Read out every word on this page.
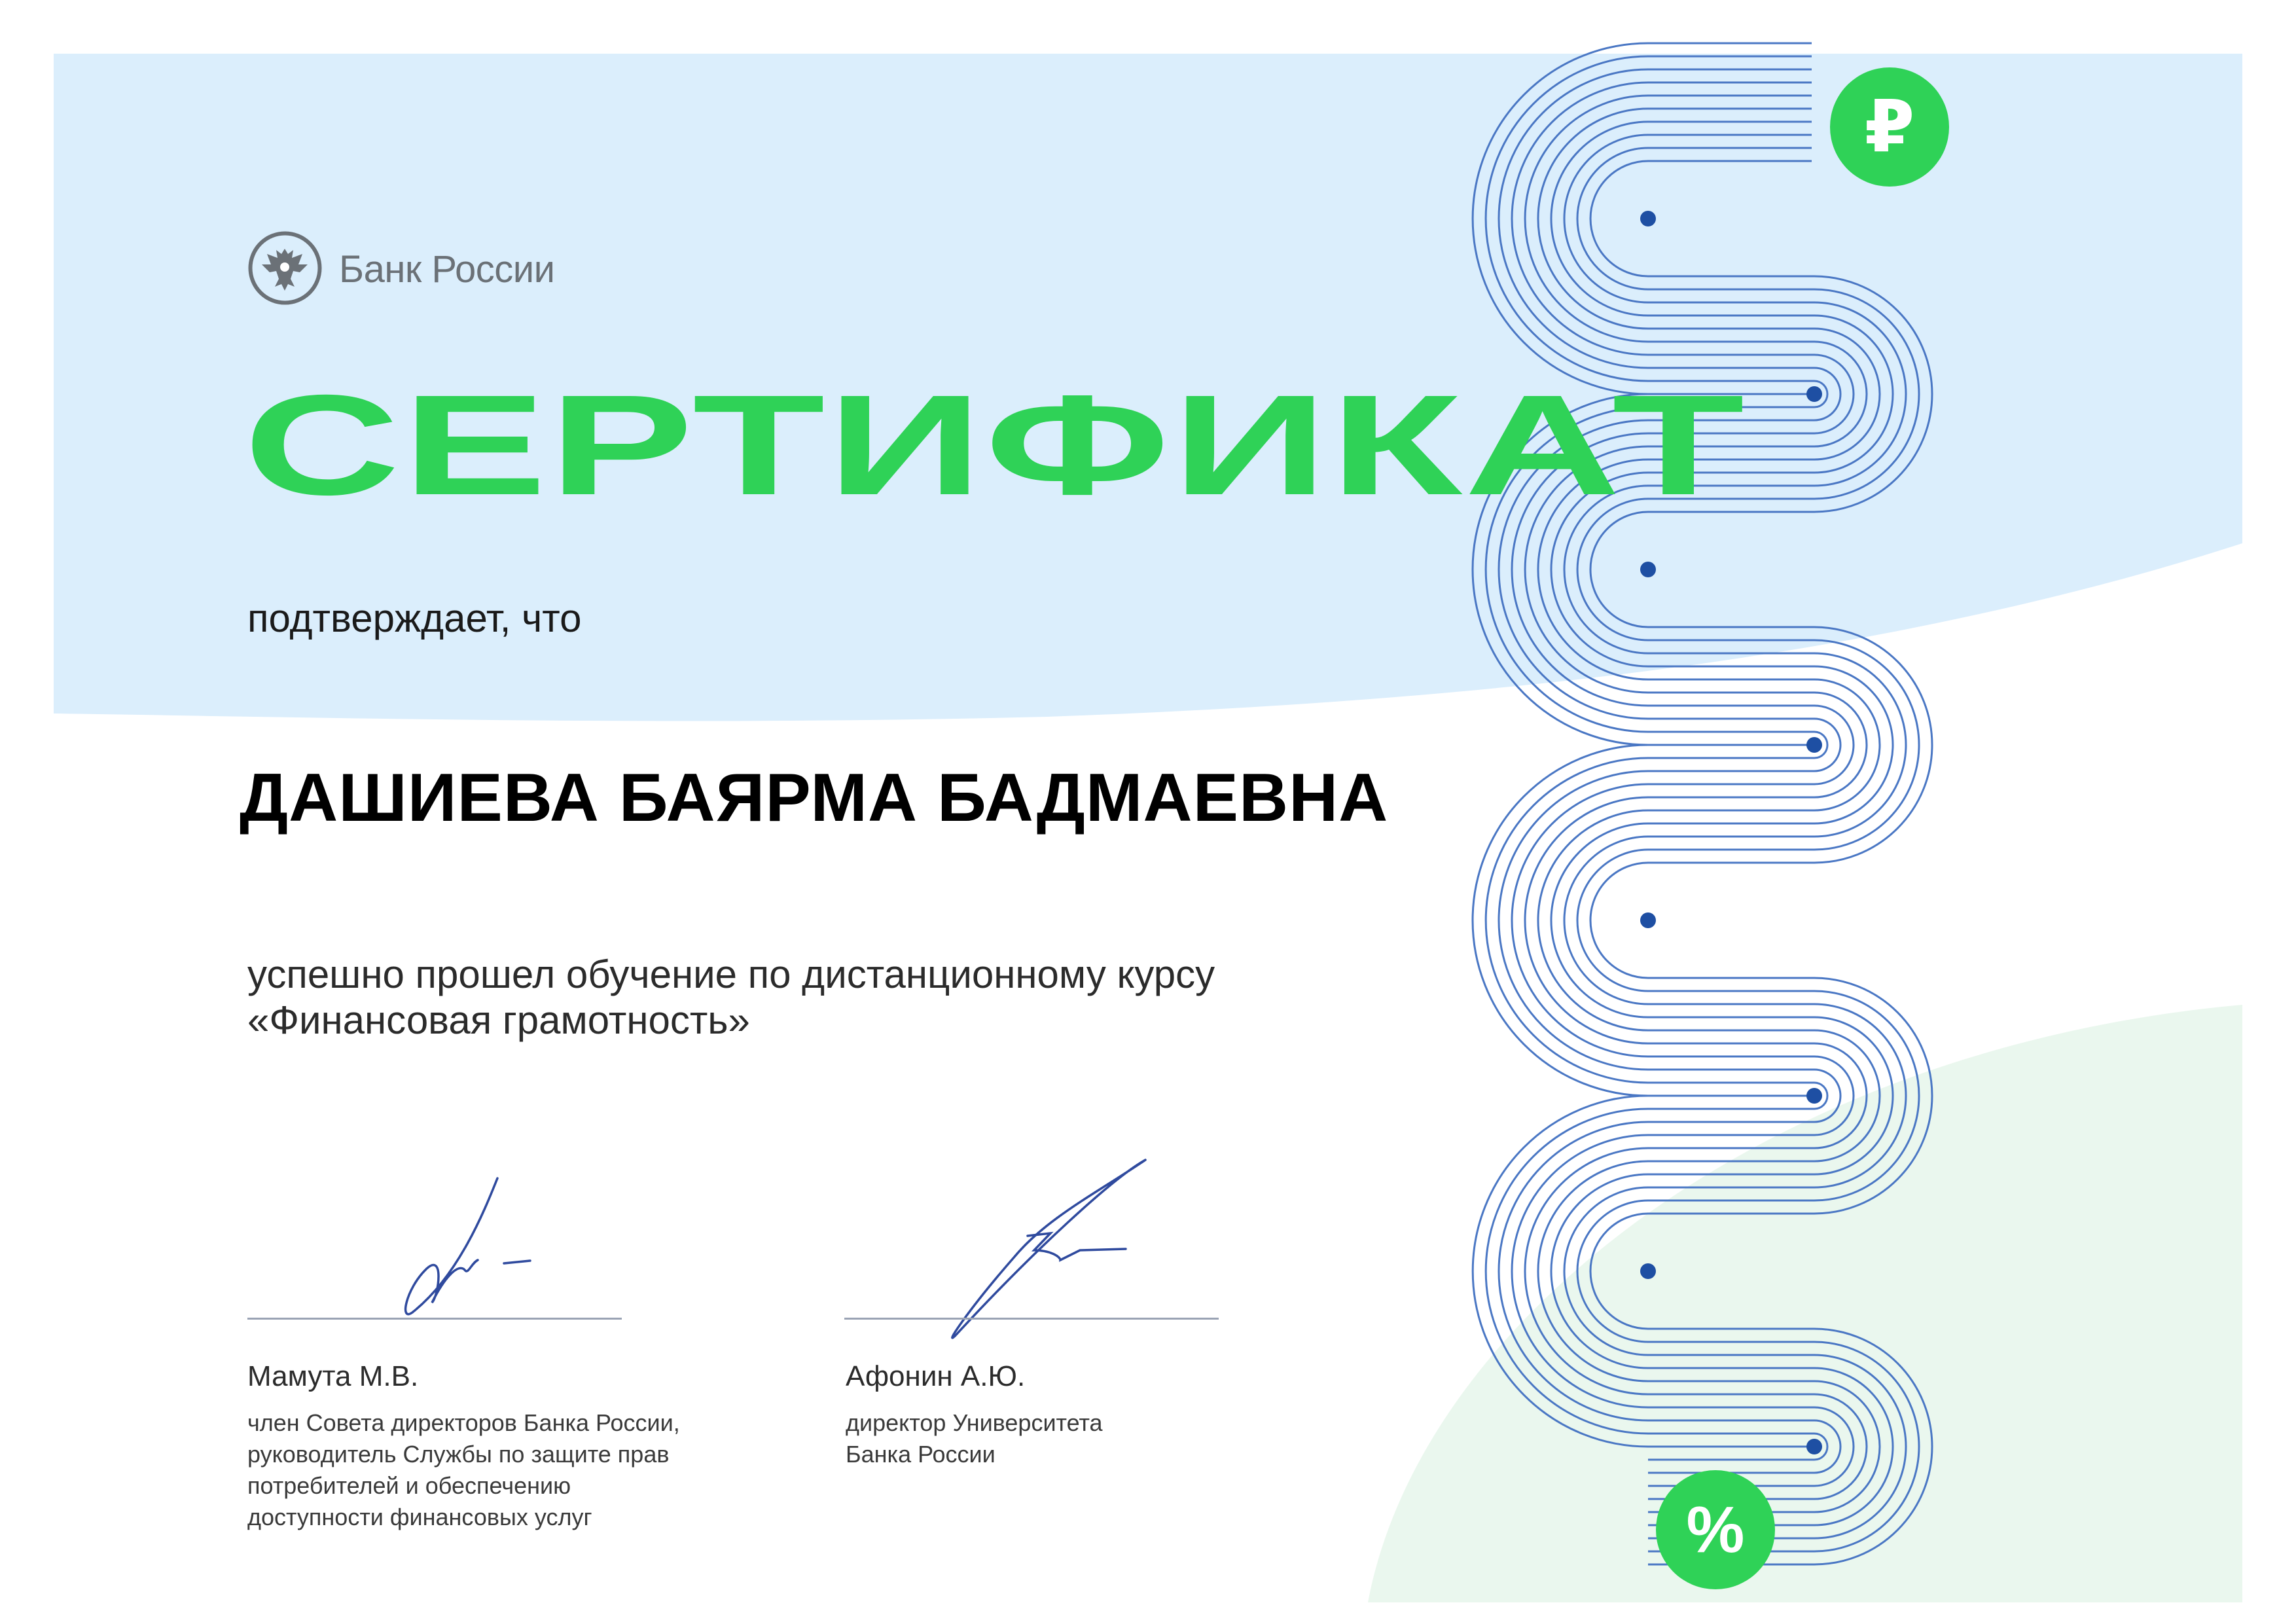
Банк России
СЕРТИФИКАТ
подтверждает, что
ДАШИЕВА БАЯРМА БАДМАЕВНА
успешно прошел обучение по дистанционному курсу
«Финансовая грамотность»
Мамута М.В.
член Совета директоров Банка России,
руководитель Службы по защите прав
потребителей и обеспечению
доступности финансовых услуг
Афонин А.Ю.
директор Университета
Банка России
₽
%
